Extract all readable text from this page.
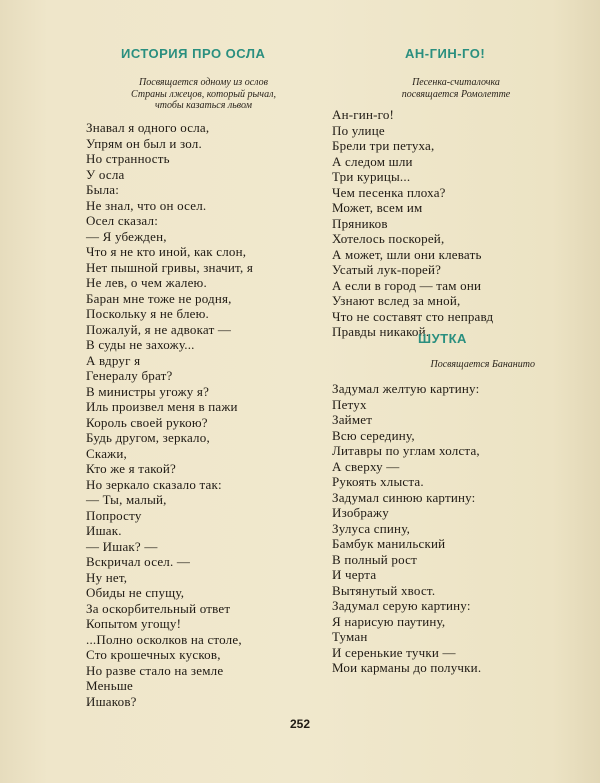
ИСТОРИЯ ПРО ОСЛА
Посвящается одному из ослов
Страны лжецов, который рычал,
чтобы казаться львом
Знавал я одного осла,
Упрям он был и зол.
Но странность
У осла
Была:
Не знал, что он осел.
Осел сказал:
— Я убежден,
Что я не кто иной, как слон,
Нет пышной гривы, значит, я
Не лев, о чем жалею.
Баран мне тоже не родня,
Поскольку я не блею.
Пожалуй, я не адвокат —
В суды не захожу...
А вдруг я
Генералу брат?
В министры угожу я?
Иль произвел меня в пажи
Король своей рукою?
Будь другом, зеркало,
Скажи,
Кто же я такой?
Но зеркало сказало так:
— Ты, малый,
Попросту
Ишак.
— Ишак? —
Вскричал осел. —
Ну нет,
Обиды не спущу,
За оскорбительный ответ
Копытом угощу!
...Полно осколков на столе,
Сто крошечных кусков,
Но разве стало на земле
Меньше
Ишаков?
АН-ГИН-ГО!
Песенка-считалочка
посвящается Ромолетте
Ан-гин-го!
По улице
Брели три петуха,
А следом шли
Три курицы...
Чем песенка плоха?
Может, всем им
Пряников
Хотелось поскорей,
А может, шли они клевать
Усатый лук-порей?
А если в город — там они
Узнают вслед за мной,
Что не составят сто неправд
Правды никакой.
ШУТКА
Посвящается Бананито
Задумал желтую картину:
Петух
Займет
Всю середину,
Литавры по углам холста,
А сверху —
Рукоять хлыста.
Задумал синюю картину:
Изображу
Зулуса спину,
Бамбук манильский
В полный рост
И черта
Вытянутый хвост.
Задумал серую картину:
Я нарисую паутину,
Туман
И серенькие тучки —
Мои карманы до получки.
252
